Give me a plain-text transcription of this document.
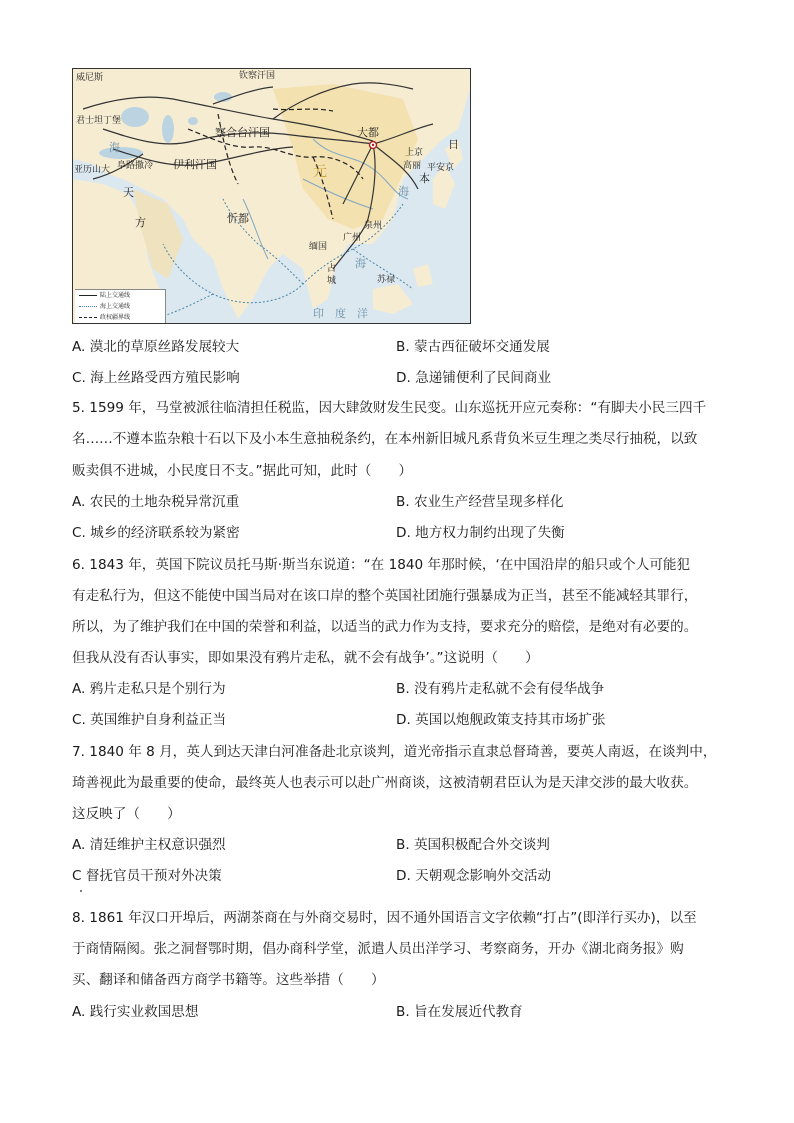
威尼斯	钦察汗国
君士坦丁堡
察合台汗国	大都
伊利汗国
亚历山大 阜路撒冷	元
上京
高丽
日
本
平安京
天
方	忻都
广州
泉州
缅国
占
城	苏禄
海
海
海
印　度　洋
陆上交通线
海上交通线
政权疆界线
A. 漠北的草原丝路发展较大	B. 蒙古西征破坏交通发展
C. 海上丝路受西方殖民影响	D. 急递铺便利了民间商业
5. 1599 年，马堂被派往临清担任税监，因大肆敛财发生民变。山东巡抚开应元奏称：“有脚夫小民三四千
名……不遵本监杂粮十石以下及小本生意抽税条约，在本州新旧城凡系背负米豆生理之类尽行抽税，以致
贩卖俱不进城，小民度日不支。”据此可知，此时（　　）
A. 农民的土地杂税异常沉重	B. 农业生产经营呈现多样化
C. 城乡的经济联系较为紧密	D. 地方权力制约出现了失衡
6. 1843 年，英国下院议员托马斯·斯当东说道：“在 1840 年那时候，‘在中国沿岸的船只或个人可能犯
有走私行为，但这不能使中国当局对在该口岸的整个英国社团施行强暴成为正当，甚至不能减轻其罪行，
所以，为了维护我们在中国的荣誉和利益，以适当的武力作为支持，要求充分的赔偿，是绝对有必要的。
但我从没有否认事实，即如果没有鸦片走私，就不会有战争’。”这说明（　　）
A. 鸦片走私只是个别行为	B. 没有鸦片走私就不会有侵华战争
C. 英国维护自身利益正当	D. 英国以炮舰政策支持其市场扩张
7. 1840 年 8 月，英人到达天津白河准备赴北京谈判，道光帝指示直隶总督琦善，要英人南返，在谈判中，
琦善视此为最重要的使命，最终英人也表示可以赴广州商谈，这被清朝君臣认为是天津交涉的最大收获。
这反映了（　　）
A. 清廷维护主权意识强烈	B. 英国积极配合外交谈判
C 督抚官员干预对外决策	D. 天朝观念影响外交活动
8. 1861 年汉口开埠后，两湖茶商在与外商交易时，因不通外国语言文字依赖“打占”(即洋行买办)，以至
于商情隔阂。张之洞督鄂时期，倡办商科学堂，派遣人员出洋学习、考察商务，开办《湖北商务报》购
买、翻译和储备西方商学书籍等。这些举措（　　）
A. 践行实业救国思想	B. 旨在发展近代教育
